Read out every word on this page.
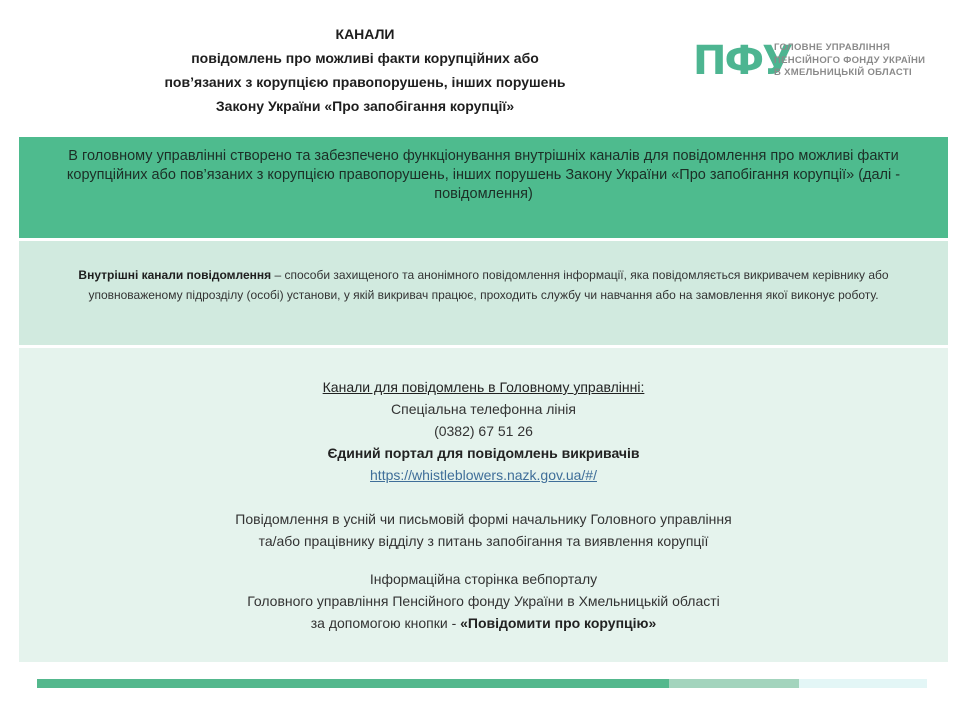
КАНАЛИ
повідомлень про можливі факти корупційних або
пов’язаних з корупцією правопорушень, інших порушень
Закону України «Про запобігання корупції»
ПФУ
ГОЛОВНЕ УПРАВЛІННЯ
ПЕНСІЙНОГО ФОНДУ УКРАЇНИ
В ХМЕЛЬНИЦЬКІЙ ОБЛАСТІ
В головному управлінні створено та забезпечено функціонування внутрішніх каналів для повідомлення про можливі факти корупційних або пов’язаних з корупцією правопорушень, інших порушень Закону України «Про запобігання корупції» (далі - повідомлення)
Внутрішні канали повідомлення – способи захищеного та анонімного повідомлення інформації, яка повідомляється викривачем керівнику або уповноваженому підрозділу (особі) установи, у якій викривач працює, проходить службу чи навчання або на замовлення якої виконує роботу.
Канали для повідомлень в Головному управлінні:
Спеціальна телефонна лінія
(0382) 67 51 26
Єдиний портал для повідомлень викривачів
https://whistleblowers.nazk.gov.ua/#/
Повідомлення в усній чи письмовій формі начальнику Головного управління
та/або працівнику відділу з питань запобігання та виявлення корупції
Інформаційна сторінка вебпорталу
Головного управління Пенсійного фонду України в Хмельницькій області
за допомогою кнопки - «Повідомити про корупцію»
